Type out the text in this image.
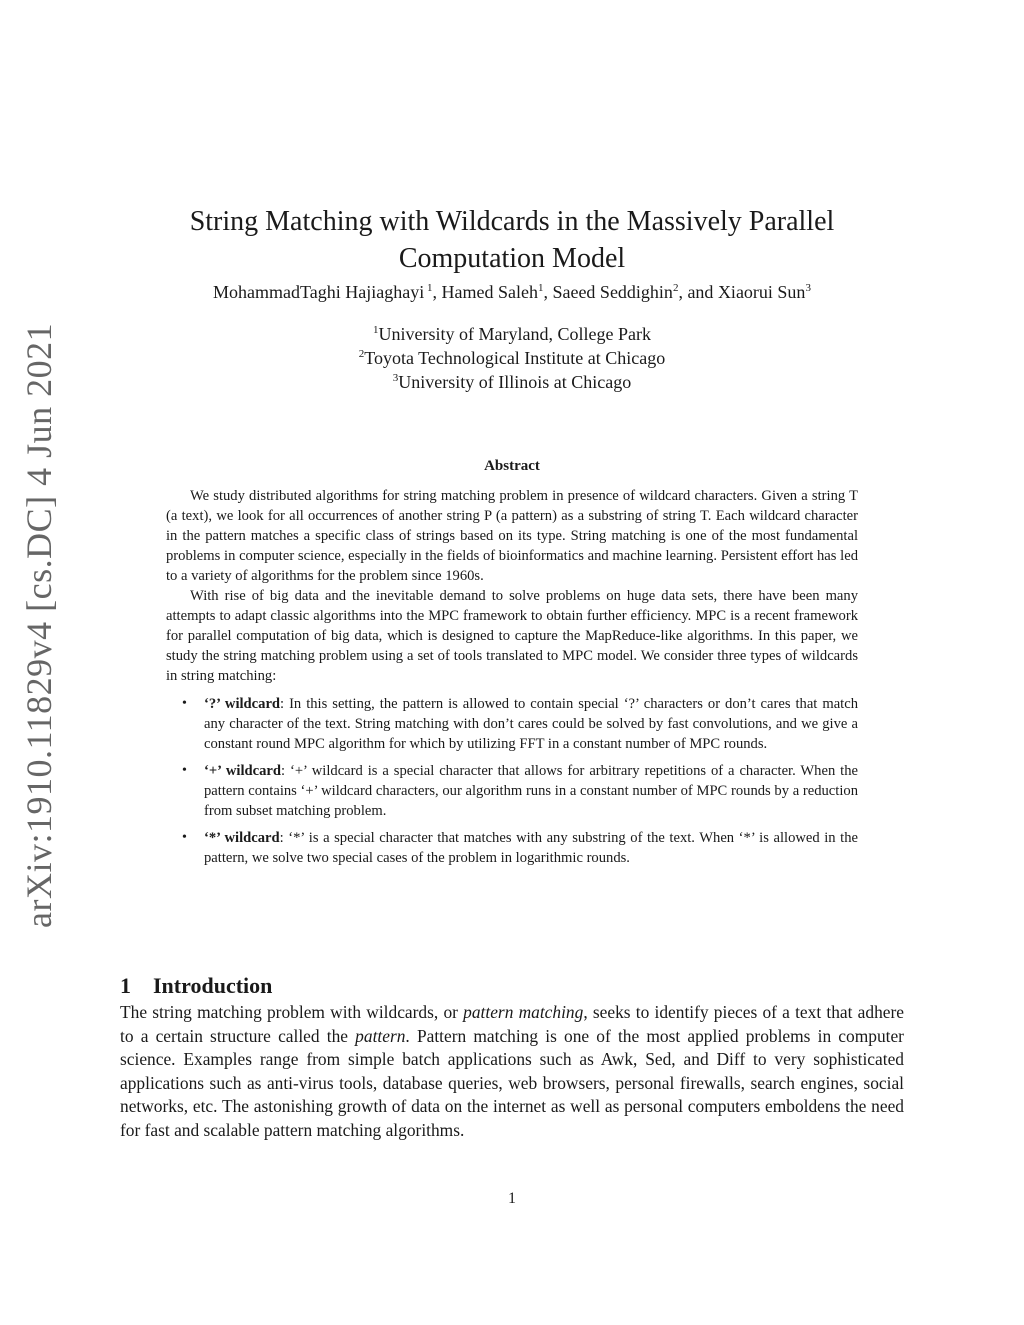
arXiv:1910.11829v4 [cs.DC] 4 Jun 2021
String Matching with Wildcards in the Massively Parallel
Computation Model
MohammadTaghi Hajiaghayi $^1$, Hamed Saleh$^1$, Saeed Seddighin$^2$, and Xiaorui Sun$^3$
$^1$University of Maryland, College Park
$^2$Toyota Technological Institute at Chicago
$^3$University of Illinois at Chicago
Abstract

We study distributed algorithms for string matching problem in presence of wildcard characters. Given a string T (a text), we look for all occurrences of another string P (a pattern) as a substring of string T. Each wildcard character in the pattern matches a specific class of strings based on its type. String matching is one of the most fundamental problems in computer science, especially in the fields of bioinformatics and machine learning. Persistent effort has led to a variety of algorithms for the problem since 1960s.

With rise of big data and the inevitable demand to solve problems on huge data sets, there have been many attempts to adapt classic algorithms into the MPC framework to obtain further efficiency. MPC is a recent framework for parallel computation of big data, which is designed to capture the MapReduce-like algorithms. In this paper, we study the string matching problem using a set of tools translated to MPC model. We consider three types of wildcards in string matching:

• ‘?’ wildcard: In this setting, the pattern is allowed to contain special ‘?’ characters or don’t cares that match any character of the text. String matching with don’t cares could be solved by fast convolutions, and we give a constant round MPC algorithm for which by utilizing FFT in a constant number of MPC rounds.
• ‘+’ wildcard: ‘+’ wildcard is a special character that allows for arbitrary repetitions of a character. When the pattern contains ‘+’ wildcard characters, our algorithm runs in a constant number of MPC rounds by a reduction from subset matching problem.
• ‘*’ wildcard: ‘*’ is a special character that matches with any substring of the text. When ‘*’ is allowed in the pattern, we solve two special cases of the problem in logarithmic rounds.
1 Introduction

The string matching problem with wildcards, or pattern matching, seeks to identify pieces of a text that adhere to a certain structure called the pattern. Pattern matching is one of the most applied problems in computer science. Examples range from simple batch applications such as Awk, Sed, and Diff to very sophisticated applications such as anti-virus tools, database queries, web browsers, personal firewalls, search engines, social networks, etc. The astonishing growth of data on the internet as well as personal computers emboldens the need for fast and scalable pattern matching algorithms.

1
